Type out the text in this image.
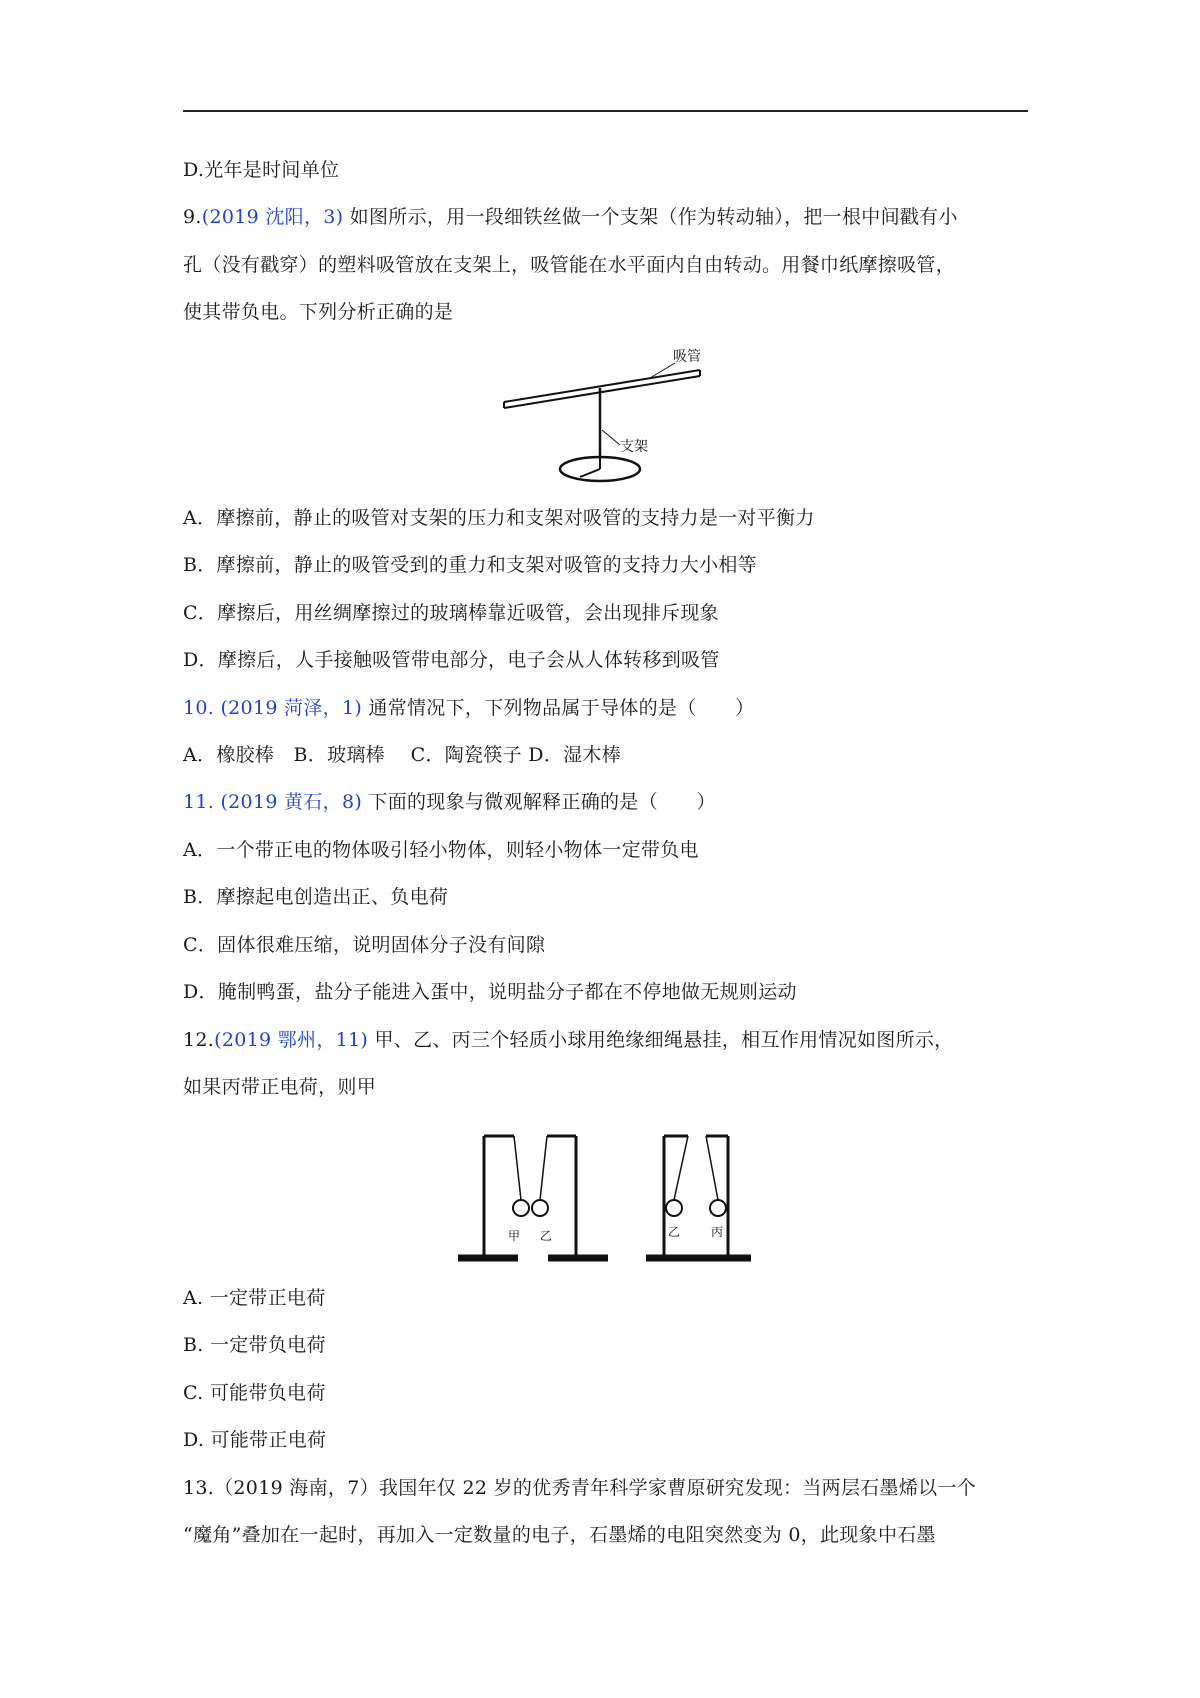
D.光年是时间单位
9.(2019 沈阳，3) 如图所示，用一段细铁丝做一个支架（作为转动轴），把一根中间戳有小
孔（没有戳穿）的塑料吸管放在支架上，吸管能在水平面内自由转动。用餐巾纸摩擦吸管，
使其带负电。下列分析正确的是
吸管
支架
A．摩擦前，静止的吸管对支架的压力和支架对吸管的支持力是一对平衡力
B．摩擦前，静止的吸管受到的重力和支架对吸管的支持力大小相等
C．摩擦后，用丝绸摩擦过的玻璃棒靠近吸管，会出现排斥现象
D．摩擦后，人手接触吸管带电部分，电子会从人体转移到吸管
10. (2019 菏泽，1) 通常情况下，下列物品属于导体的是（　　）
A．橡胶棒　B．玻璃棒　 C．陶瓷筷子 D．湿木棒
11. (2019 黄石，8) 下面的现象与微观解释正确的是（　　）
A．一个带正电的物体吸引轻小物体，则轻小物体一定带负电
B．摩擦起电创造出正、负电荷
C．固体很难压缩，说明固体分子没有间隙
D．腌制鸭蛋，盐分子能进入蛋中，说明盐分子都在不停地做无规则运动
12.(2019 鄂州，11) 甲、乙、丙三个轻质小球用绝缘细绳悬挂，相互作用情况如图所示，
如果丙带正电荷，则甲
甲 乙	乙	丙
A. 一定带正电荷
B. 一定带负电荷
C. 可能带负电荷
D. 可能带正电荷
13.（2019 海南，7）我国年仅 22 岁的优秀青年科学家曹原研究发现：当两层石墨烯以一个
“魔角”叠加在一起时，再加入一定数量的电子，石墨烯的电阻突然变为 0，此现象中石墨
